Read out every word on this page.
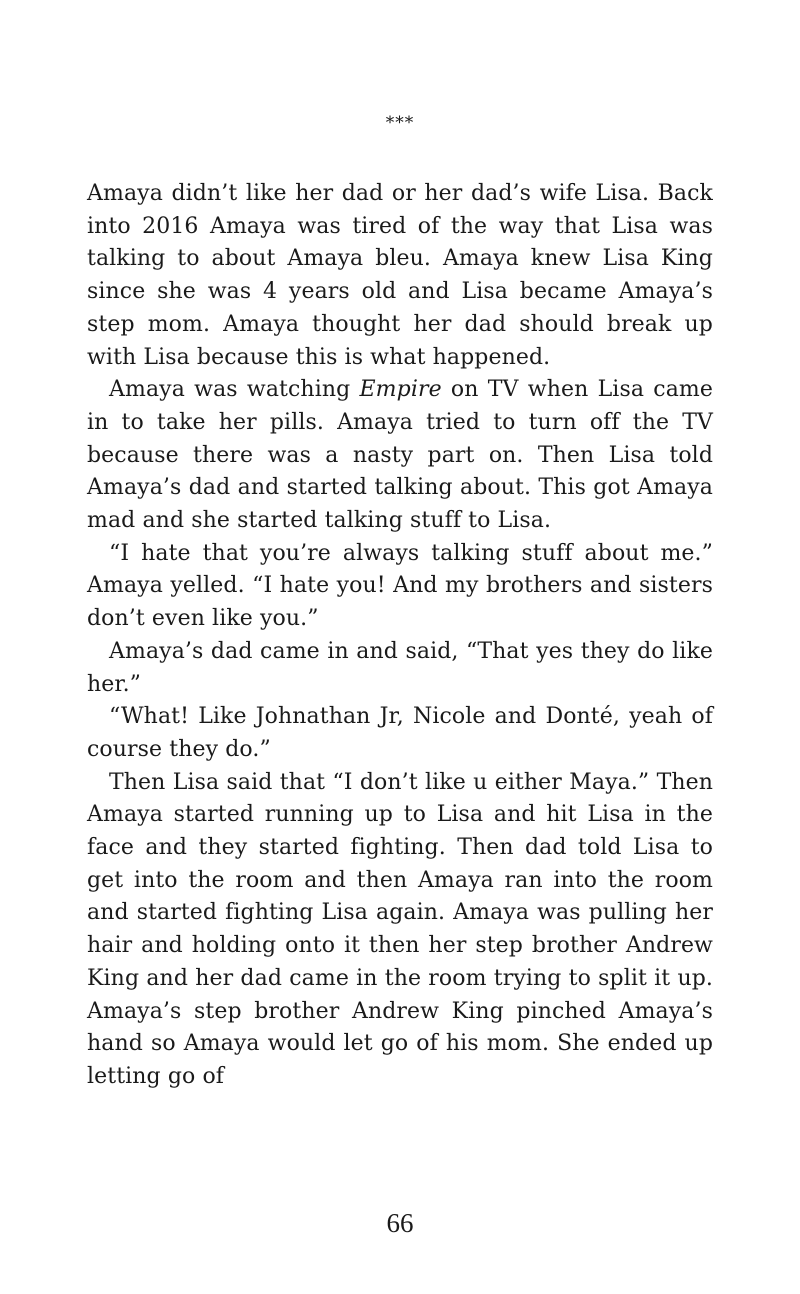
***

Amaya didn’t like her dad or her dad’s wife Lisa. Back into 2016 Amaya was tired of the way that Lisa was talking to about Amaya bleu. Amaya knew Lisa King since she was 4 years old and Lisa became Amaya’s step mom. Amaya thought her dad should break up with Lisa because this is what happened.

Amaya was watching Empire on TV when Lisa came in to take her pills. Amaya tried to turn off the TV because there was a nasty part on. Then Lisa told Amaya’s dad and started talking about. This got Amaya mad and she started talking stuff to Lisa.

“I hate that you’re always talking stuff about me.” Amaya yelled. “I hate you! And my brothers and sisters don’t even like you.”

Amaya’s dad came in and said, “That yes they do like her.”

“What! Like Johnathan Jr, Nicole and Donté, yeah of course they do.”

Then Lisa said that “I don’t like u either Maya.” Then Amaya started running up to Lisa and hit Lisa in the face and they started fighting. Then dad told Lisa to get into the room and then Amaya ran into the room and started fighting Lisa again. Amaya was pulling her hair and holding onto it then her step brother Andrew King and her dad came in the room trying to split it up. Amaya’s step brother Andrew King pinched Amaya’s hand so Amaya would let go of his mom. She ended up letting go of

66
